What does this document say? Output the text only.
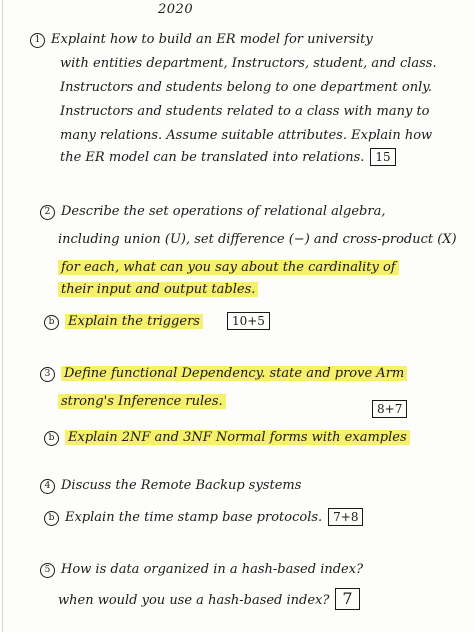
2020
1 Explaint how to build an ER model for university
with entities department, Instructors, student, and class.
Instructors and students belong to one department only.
Instructors and students related to a class with many to
many relations. Assume suitable attributes. Explain how
the ER model can be translated into relations. 15
2 Describe the set operations of relational algebra,
including union (U), set difference (−) and cross-product (X)
for each, what can you say about the cardinality of
their input and output tables.
b Explain the triggers	10+5
3 Define functional Dependency. state and prove Arm
strong's Inference rules.	8+7
b Explain 2NF and 3NF Normal forms with examples
4 Discuss the Remote Backup systems
b Explain the time stamp base protocols. 7+8
5 How is data organized in a hash-based index?
when would you use a hash-based index? 7
